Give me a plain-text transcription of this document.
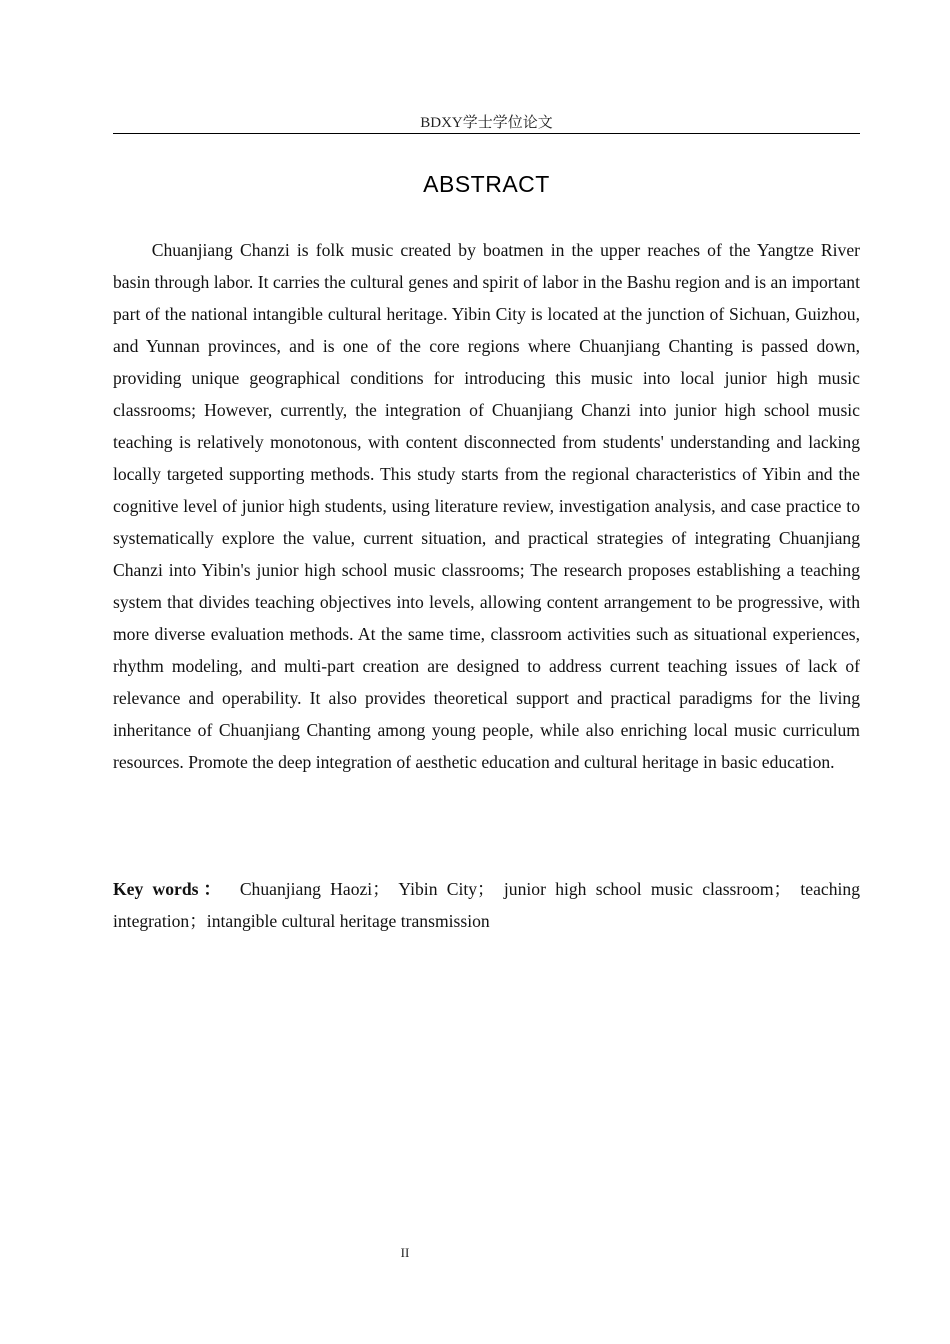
BDXY学士学位论文
ABSTRACT

Chuanjiang Chanzi is folk music created by boatmen in the upper reaches of the Yangtze River basin through labor. It carries the cultural genes and spirit of labor in the Bashu region and is an important part of the national intangible cultural heritage. Yibin City is located at the junction of Sichuan, Guizhou, and Yunnan provinces, and is one of the core regions where Chuanjiang Chanting is passed down, providing unique geographical conditions for introducing this music into local junior high music classrooms; However, currently, the integration of Chuanjiang Chanzi into junior high school music teaching is relatively monotonous, with content disconnected from students' understanding and lacking locally targeted supporting methods. This study starts from the regional characteristics of Yibin and the cognitive level of junior high students, using literature review, investigation analysis, and case practice to systematically explore the value, current situation, and practical strategies of integrating Chuanjiang Chanzi into Yibin's junior high school music classrooms; The research proposes establishing a teaching system that divides teaching objectives into levels, allowing content arrangement to be progressive, with more diverse evaluation methods. At the same time, classroom activities such as situational experiences, rhythm modeling, and multi-part creation are designed to address current teaching issues of lack of relevance and operability. It also provides theoretical support and practical paradigms for the living inheritance of Chuanjiang Chanting among young people, while also enriching local music curriculum resources. Promote the deep integration of aesthetic education and cultural heritage in basic education.

Key words： Chuanjiang Haozi； Yibin City； junior high school music classroom； teaching integration；intangible cultural heritage transmission

II
